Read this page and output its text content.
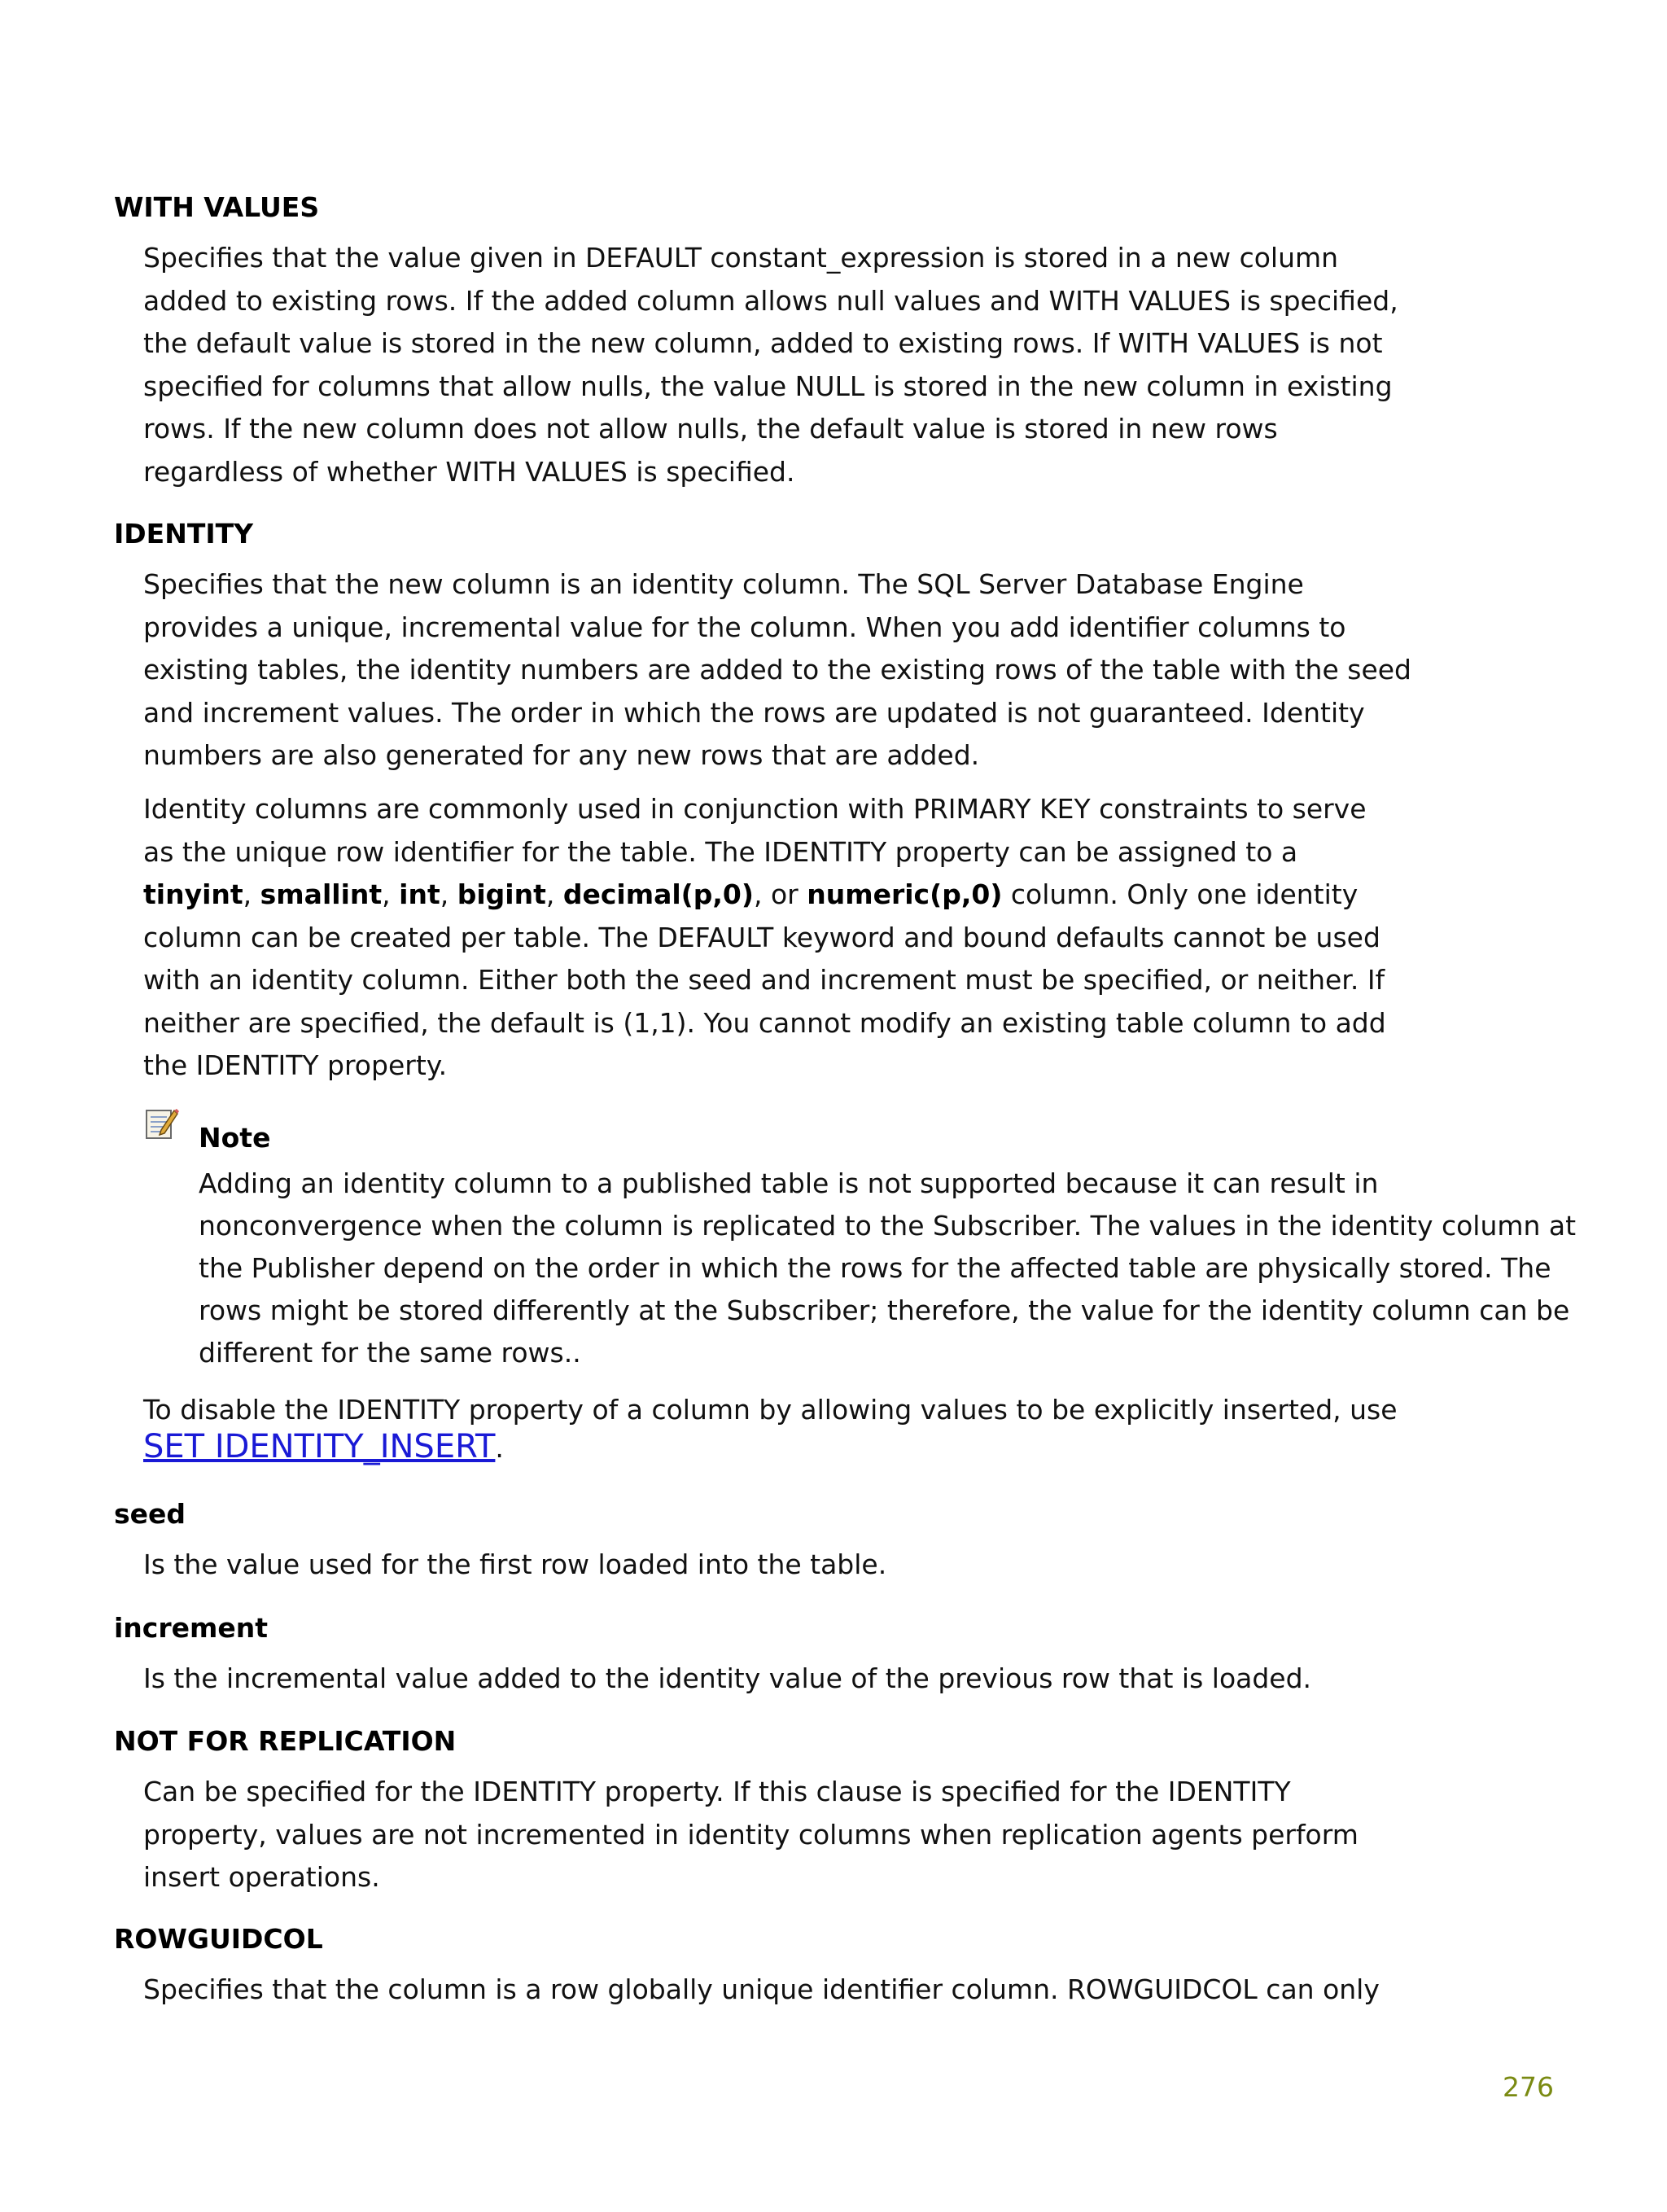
WITH VALUES
Specifies that the value given in DEFAULT constant_expression is stored in a new column
added to existing rows. If the added column allows null values and WITH VALUES is specified,
the default value is stored in the new column, added to existing rows. If WITH VALUES is not
specified for columns that allow nulls, the value NULL is stored in the new column in existing
rows. If the new column does not allow nulls, the default value is stored in new rows
regardless of whether WITH VALUES is specified.
IDENTITY
Specifies that the new column is an identity column. The SQL Server Database Engine
provides a unique, incremental value for the column. When you add identifier columns to
existing tables, the identity numbers are added to the existing rows of the table with the seed
and increment values. The order in which the rows are updated is not guaranteed. Identity
numbers are also generated for any new rows that are added.
Identity columns are commonly used in conjunction with PRIMARY KEY constraints to serve
as the unique row identifier for the table. The IDENTITY property can be assigned to a
tinyint, smallint, int, bigint, decimal(p,0), or numeric(p,0) column. Only one identity
column can be created per table. The DEFAULT keyword and bound defaults cannot be used
with an identity column. Either both the seed and increment must be specified, or neither. If
neither are specified, the default is (1,1). You cannot modify an existing table column to add
the IDENTITY property.
Note
Adding an identity column to a published table is not supported because it can result in
nonconvergence when the column is replicated to the Subscriber. The values in the identity column at
the Publisher depend on the order in which the rows for the affected table are physically stored. The
rows might be stored differently at the Subscriber; therefore, the value for the identity column can be
different for the same rows..
To disable the IDENTITY property of a column by allowing values to be explicitly inserted, use
SET IDENTITY_INSERT.
seed
Is the value used for the first row loaded into the table.
increment
Is the incremental value added to the identity value of the previous row that is loaded.
NOT FOR REPLICATION
Can be specified for the IDENTITY property. If this clause is specified for the IDENTITY
property, values are not incremented in identity columns when replication agents perform
insert operations.
ROWGUIDCOL
Specifies that the column is a row globally unique identifier column. ROWGUIDCOL can only
276
